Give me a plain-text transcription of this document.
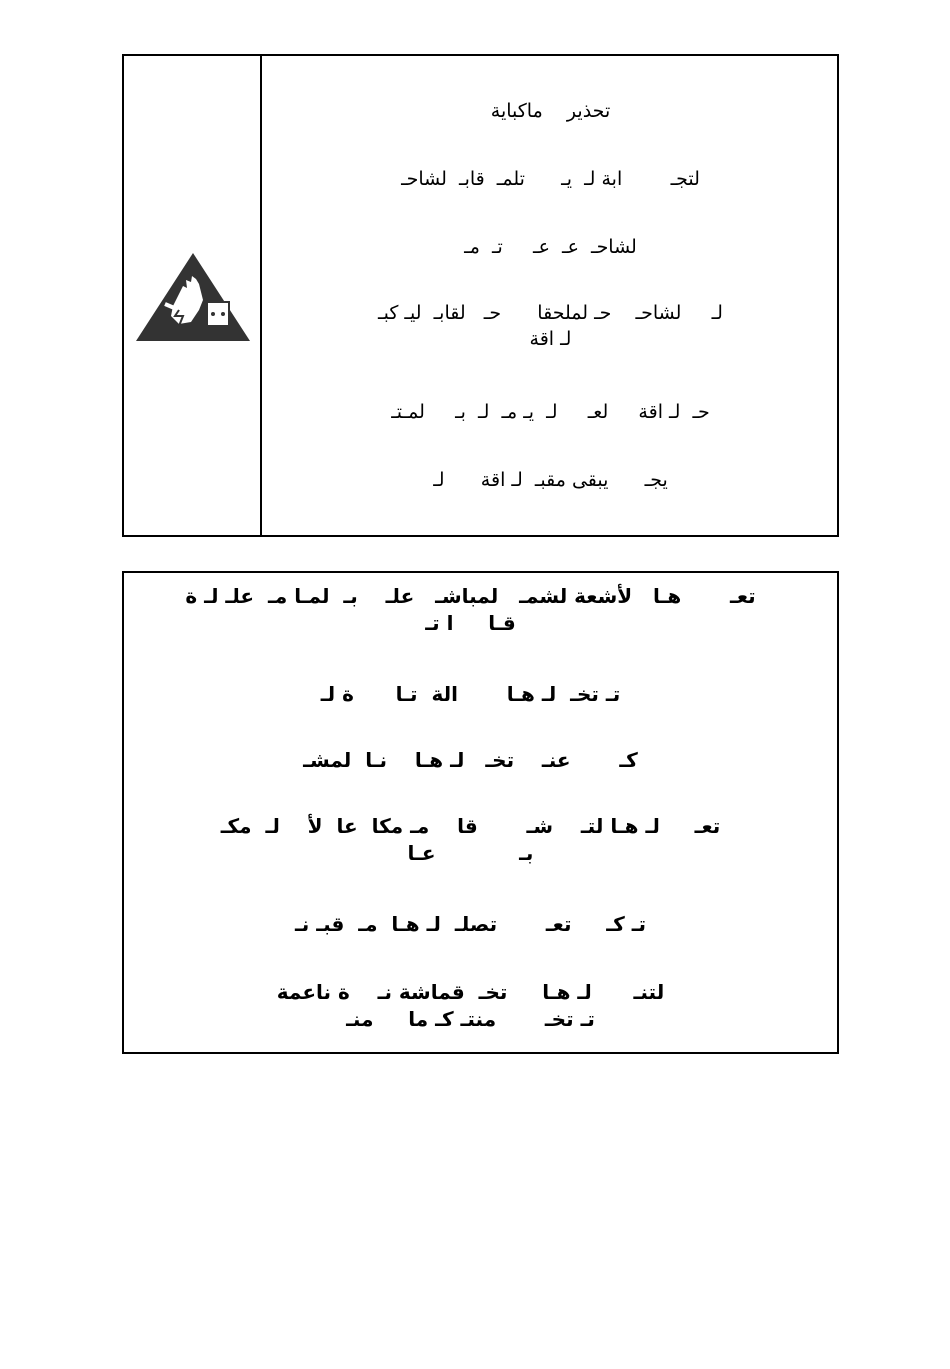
تحذير    ماكباية
لتجـ        ابة لـ  يـ      تلمـ  قابـ  لشاحـ
لشاحـ  عـ  عـ     تـ  مـ
لـ     لشاحـ    حـ لملحقا      حـ   لقابـ  ليـ كبـ
لـ اقة
حـ  لـ اقة     لعـ     لـ  يـ مـ  لـ  بـ     لمـتـ
يجـ      يبقى مقبـ  لـ اقة      لـ
تعـ       هـا   لأشعة لشمـ   لمباشـ   علـ    بـ  لمـا مـ  علـ لـ ة
قـا     ا تـ
تـ تخـ  لـ هـا       الة  تـا      ة لـ
كـ       عنـ    تخـ   لـ هـا    نـا  لمشـ
تعـ     لـ هـا لتـ    شـ       قا    مـ مكا  عا  لأ    لـ  مكـ
بـ            عـا
تـ كـ     تعـ       تصلـ  لـ هـا  مـ  قبـ نـ
لتنـ      لـ هـا     تخـ  قماشة نـ    ة ناعمة
تـ تخـ       منتـ كـ ما     منـ
